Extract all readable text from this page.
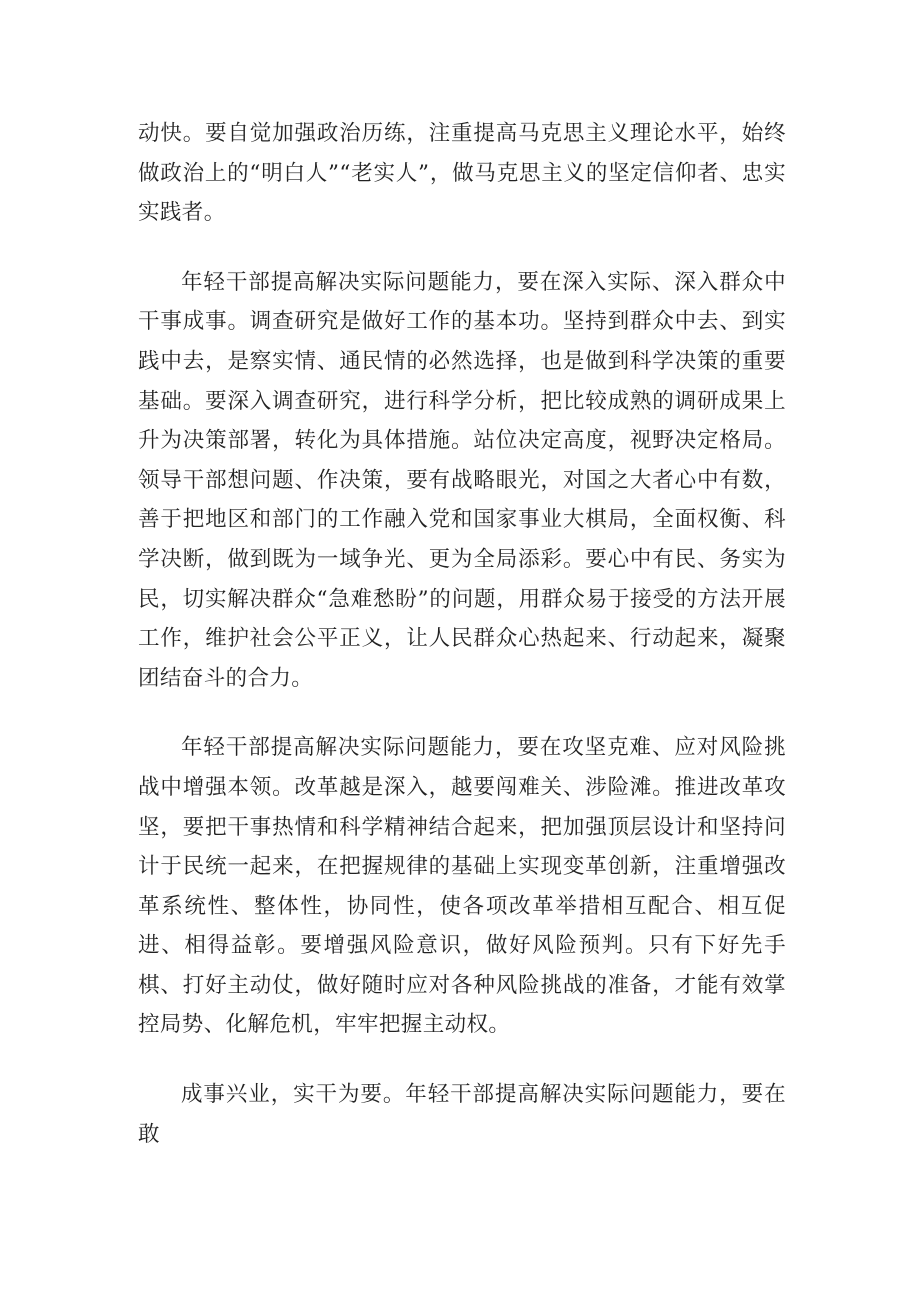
动快。要自觉加强政治历练，注重提高马克思主义理论水平，始终做政治上的“明白人”“老实人”，做马克思主义的坚定信仰者、忠实实践者。

年轻干部提高解决实际问题能力，要在深入实际、深入群众中干事成事。调查研究是做好工作的基本功。坚持到群众中去、到实践中去，是察实情、通民情的必然选择，也是做到科学决策的重要基础。要深入调查研究，进行科学分析，把比较成熟的调研成果上升为决策部署，转化为具体措施。站位决定高度，视野决定格局。领导干部想问题、作决策，要有战略眼光，对国之大者心中有数，善于把地区和部门的工作融入党和国家事业大棋局，全面权衡、科学决断，做到既为一域争光、更为全局添彩。要心中有民、务实为民，切实解决群众“急难愁盼”的问题，用群众易于接受的方法开展工作，维护社会公平正义，让人民群众心热起来、行动起来，凝聚团结奋斗的合力。

年轻干部提高解决实际问题能力，要在攻坚克难、应对风险挑战中增强本领。改革越是深入，越要闯难关、涉险滩。推进改革攻坚，要把干事热情和科学精神结合起来，把加强顶层设计和坚持问计于民统一起来，在把握规律的基础上实现变革创新，注重增强改革系统性、整体性，协同性，使各项改革举措相互配合、相互促进、相得益彰。要增强风险意识，做好风险预判。只有下好先手棋、打好主动仗，做好随时应对各种风险挑战的准备，才能有效掌控局势、化解危机，牢牢把握主动权。

成事兴业，实干为要。年轻干部提高解决实际问题能力，要在敢
